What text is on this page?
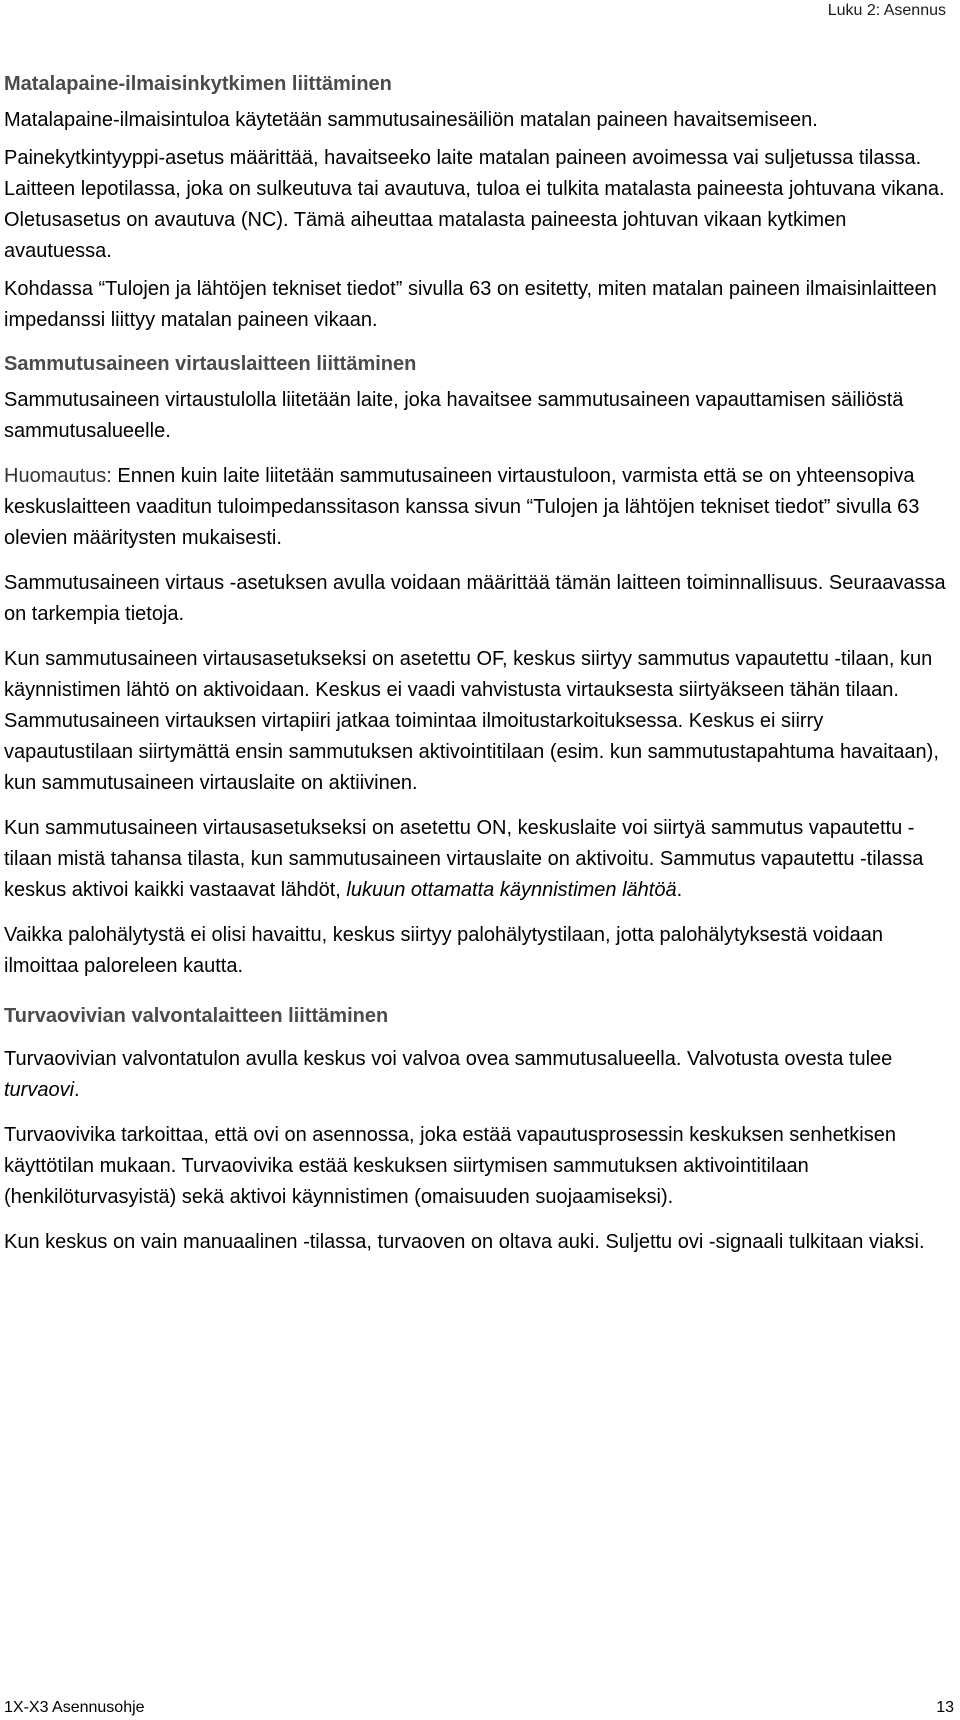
Luku 2: Asennus
Matalapaine-ilmaisinkytkimen liittäminen

Matalapaine-ilmaisintuloa käytetään sammutusainesäiliön matalan paineen havaitsemiseen.

Painekytkintyyppi-asetus määrittää, havaitseeko laite matalan paineen avoimessa vai suljetussa tilassa. Laitteen lepotilassa, joka on sulkeutuva tai avautuva, tuloa ei tulkita matalasta paineesta johtuvana vikana. Oletusasetus on avautuva (NC). Tämä aiheuttaa matalasta paineesta johtuvan vikaan kytkimen avautuessa.

Kohdassa “Tulojen ja lähtöjen tekniset tiedot” sivulla 63 on esitetty, miten matalan paineen ilmaisinlaitteen impedanssi liittyy matalan paineen vikaan.

Sammutusaineen virtauslaitteen liittäminen

Sammutusaineen virtaustulolla liitetään laite, joka havaitsee sammutusaineen vapauttamisen säiliöstä sammutusalueelle.

Huomautus: Ennen kuin laite liitetään sammutusaineen virtaustuloon, varmista että se on yhteensopiva keskuslaitteen vaaditun tuloimpedanssitason kanssa sivun “Tulojen ja lähtöjen tekniset tiedot” sivulla 63 olevien määritysten mukaisesti.

Sammutusaineen virtaus -asetuksen avulla voidaan määrittää tämän laitteen toiminnallisuus. Seuraavassa on tarkempia tietoja.

Kun sammutusaineen virtausasetukseksi on asetettu OF, keskus siirtyy sammutus vapautettu -tilaan, kun käynnistimen lähtö on aktivoidaan. Keskus ei vaadi vahvistusta virtauksesta siirtyäkseen tähän tilaan. Sammutusaineen virtauksen virtapiiri jatkaa toimintaa ilmoitustarkoituksessa. Keskus ei siirry vapautustilaan siirtymättä ensin sammutuksen aktivointitilaan (esim. kun sammutustapahtuma havaitaan), kun sammutusaineen virtauslaite on aktiivinen.

Kun sammutusaineen virtausasetukseksi on asetettu ON, keskuslaite voi siirtyä sammutus vapautettu -tilaan mistä tahansa tilasta, kun sammutusaineen virtauslaite on aktivoitu. Sammutus vapautettu -tilassa keskus aktivoi kaikki vastaavat lähdöt, lukuun ottamatta käynnistimen lähtöä.

Vaikka palohälytystä ei olisi havaittu, keskus siirtyy palohälytystilaan, jotta palohälytyksestä voidaan ilmoittaa paloreleen kautta.

Turvaovivian valvontalaitteen liittäminen

Turvaovivian valvontatulon avulla keskus voi valvoa ovea sammutusalueella. Valvotusta ovesta tulee turvaovi.

Turvaovivika tarkoittaa, että ovi on asennossa, joka estää vapautusprosessin keskuksen senhetkisen käyttötilan mukaan. Turvaovivika estää keskuksen siirtymisen sammutuksen aktivointitilaan (henkilöturvasyistä) sekä aktivoi käynnistimen (omaisuuden suojaamiseksi).

Kun keskus on vain manuaalinen -tilassa, turvaoven on oltava auki. Suljettu ovi -signaali tulkitaan viaksi.

1X-X3 Asennusohje	13
